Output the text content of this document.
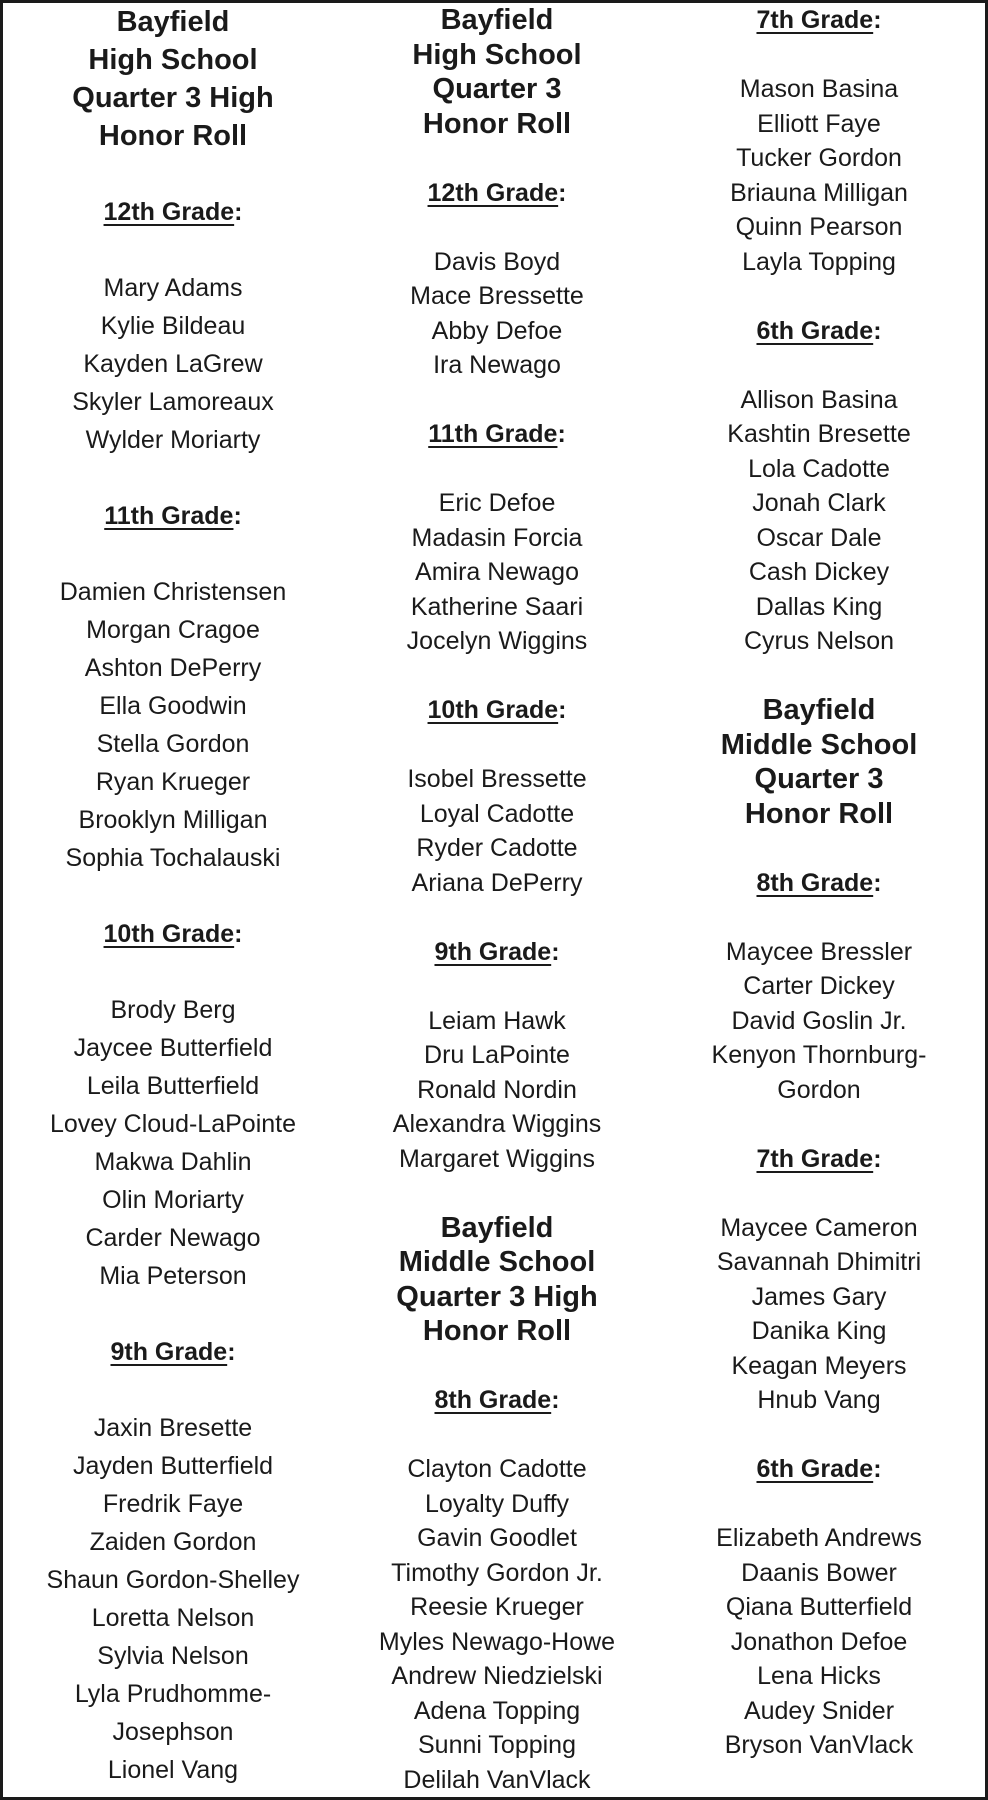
Bayfield
High School
Quarter 3 High
Honor Roll

12th Grade:

Mary Adams
Kylie Bildeau
Kayden LaGrew
Skyler Lamoreaux
Wylder Moriarty

11th Grade:

Damien Christensen
Morgan Cragoe
Ashton DePerry
Ella Goodwin
Stella Gordon
Ryan Krueger
Brooklyn Milligan
Sophia Tochalauski

10th Grade:

Brody Berg
Jaycee Butterfield
Leila Butterfield
Lovey Cloud-LaPointe
Makwa Dahlin
Olin Moriarty
Carder Newago
Mia Peterson

9th Grade:

Jaxin Bresette
Jayden Butterfield
Fredrik Faye
Zaiden Gordon
Shaun Gordon-Shelley
Loretta Nelson
Sylvia Nelson
Lyla Prudhomme-
Josephson
Lionel Vang
Bayfield
High School
Quarter 3
Honor Roll

12th Grade:

Davis Boyd
Mace Bressette
Abby Defoe
Ira Newago

11th Grade:

Eric Defoe
Madasin Forcia
Amira Newago
Katherine Saari
Jocelyn Wiggins

10th Grade:

Isobel Bressette
Loyal Cadotte
Ryder Cadotte
Ariana DePerry

9th Grade:

Leiam Hawk
Dru LaPointe
Ronald Nordin
Alexandra Wiggins
Margaret Wiggins
Bayfield
Middle School
Quarter 3 High
Honor Roll

8th Grade:

Clayton Cadotte
Loyalty Duffy
Gavin Goodlet
Timothy Gordon Jr.
Reesie Krueger
Myles Newago-Howe
Andrew Niedzielski
Adena Topping
Sunni Topping
Delilah VanVlack

7th Grade:

Mason Basina
Elliott Faye
Tucker Gordon
Briauna Milligan
Quinn Pearson
Layla Topping

6th Grade:

Allison Basina
Kashtin Bresette
Lola Cadotte
Jonah Clark
Oscar Dale
Cash Dickey
Dallas King
Cyrus Nelson
Bayfield
Middle School
Quarter 3
Honor Roll

8th Grade:

Maycee Bressler
Carter Dickey
David Goslin Jr.
Kenyon Thornburg-
Gordon

7th Grade:

Maycee Cameron
Savannah Dhimitri
James Gary
Danika King
Keagan Meyers
Hnub Vang

6th Grade:

Elizabeth Andrews
Daanis Bower
Qiana Butterfield
Jonathon Defoe
Lena Hicks
Audey Snider
Bryson VanVlack
